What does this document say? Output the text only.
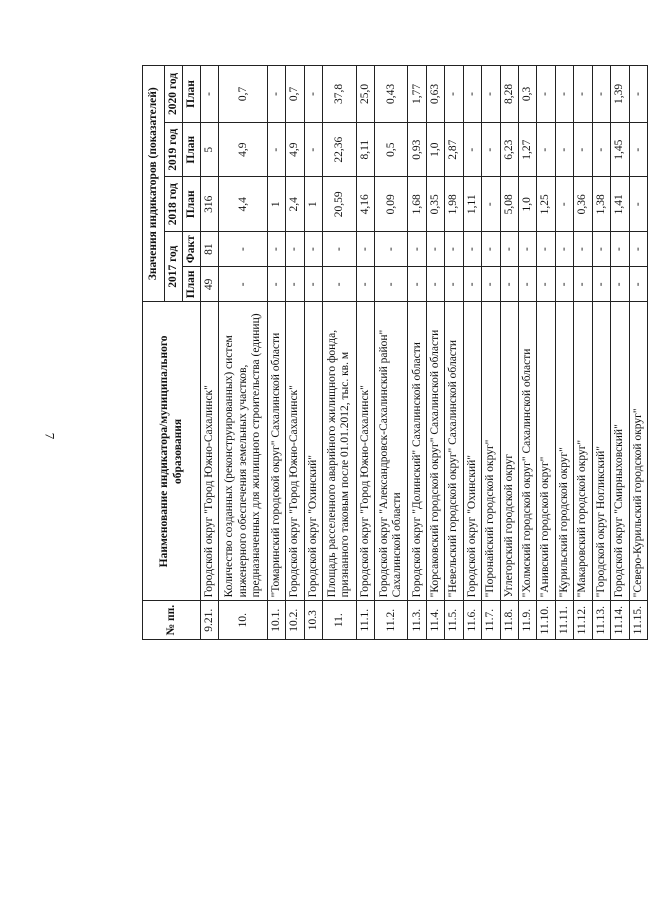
7
№ пп.	Наименование индикатора/муниципального образования	Значения индикаторов (показателей)				
		2017 год		2018 год	2019 год	2020 год
		План	Факт	План	План	План
9.21.	Городской округ "Город Южно-Сахалинск"	49	81	316	5	-
10.	Количество созданных (реконструированных) систем инженерного обеспечения земельных участков, предназначенных для жилищного строительства (единиц)	-	-	4,4	4,9	0,7
10.1.	"Томаринский городской округ" Сахалинской области	-	-	1	-	-
10.2.	Городской округ "Город Южно-Сахалинск"	-	-	2,4	4,9	0,7
10.3	Городской округ "Охинский"	-	-	1	-	-
11.	Площадь расселенного аварийного жилищного фонда, признанного таковым после 01.01.2012, тыс. кв. м	-	-	20,59	22,36	37,8
11.1.	Городской округ "Город Южно-Сахалинск"	-	-	4,16	8,11	25,0
11.2.	Городской округ "Александровск-Сахалинский район" Сахалинской области	-	-	0,09	0,5	0,43
11.3.	Городской округ "Долинский" Сахалинской области	-	-	1,68	0,93	1,77
11.4.	"Корсаковский городской округ" Сахалинской области	-	-	0,35	1,0	0,63
11.5.	"Невельский городской округ" Сахалинской области	-	-	1,98	2,87	-
11.6.	Городской округ "Охинский"	-	-	1,11	-	-
11.7.	"Поронайский городской округ"	-	-	-	-	-
11.8.	Углегорский городской округ	-	-	5,08	6,23	8,28
11.9.	"Холмский городской округ" Сахалинской области	-	-	1,0	1,27	0,3
11.10.	"Анивский городской округ"	-	-	1,25	-	-
11.11.	"Курильский городской округ"	-	-	-	-	-
11.12.	"Макаровский городской округ"	-	-	0,36	-	-
11.13.	"Городской округ Ногликский"	-	-	1,38	-	-
11.14.	Городской округ "Смирныховский"	-	-	1,41	1,45	1,39
11.15.	"Северо-Курильский городской округ"	-	-	-	-	-
